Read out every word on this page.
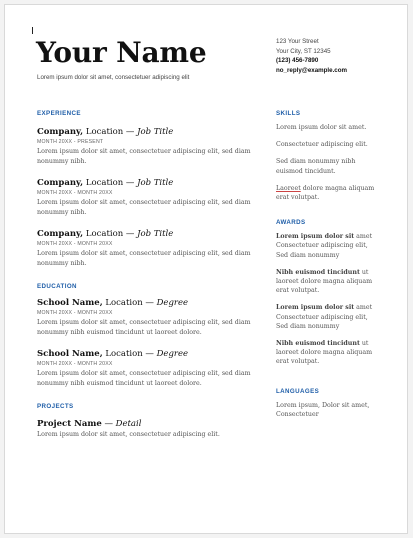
Your Name
Lorem ipsum dolor sit amet, consectetuer adipiscing elit
123 Your Street
Your City, ST 12345
(123) 456-7890
no_reply@example.com
EXPERIENCE
Company, Location — Job Title
MONTH 20XX - PRESENT
Lorem ipsum dolor sit amet, consectetuer adipiscing elit, sed diam nonummy nibh.
Company, Location — Job Title
MONTH 20XX - MONTH 20XX
Lorem ipsum dolor sit amet, consectetuer adipiscing elit, sed diam nonummy nibh.
Company, Location — Job Title
MONTH 20XX - MONTH 20XX
Lorem ipsum dolor sit amet, consectetuer adipiscing elit, sed diam nonummy nibh.
EDUCATION
School Name, Location — Degree
MONTH 20XX - MONTH 20XX
Lorem ipsum dolor sit amet, consectetuer adipiscing elit, sed diam nonummy nibh euismod tincidunt ut laoreet dolore.
School Name, Location — Degree
MONTH 20XX - MONTH 20XX
Lorem ipsum dolor sit amet, consectetuer adipiscing elit, sed diam nonummy nibh euismod tincidunt ut laoreet dolore.
PROJECTS
Project Name — Detail
Lorem ipsum dolor sit amet, consectetuer adipiscing elit.
SKILLS

Lorem ipsum dolor sit amet.

Consectetuer adipiscing elit.

Sed diam nonummy nibh euismod tincidunt.

Laoreet dolore magna aliquam erat volutpat.

AWARDS

Lorem ipsum dolor sit amet Consectetuer adipiscing elit, Sed diam nonummy

Nibh euismod tincidunt ut laoreet dolore magna aliquam erat volutpat.

Lorem ipsum dolor sit amet Consectetuer adipiscing elit, Sed diam nonummy

Nibh euismod tincidunt ut laoreet dolore magna aliquam erat volutpat.

LANGUAGES

Lorem ipsum, Dolor sit amet, Consectetuer
